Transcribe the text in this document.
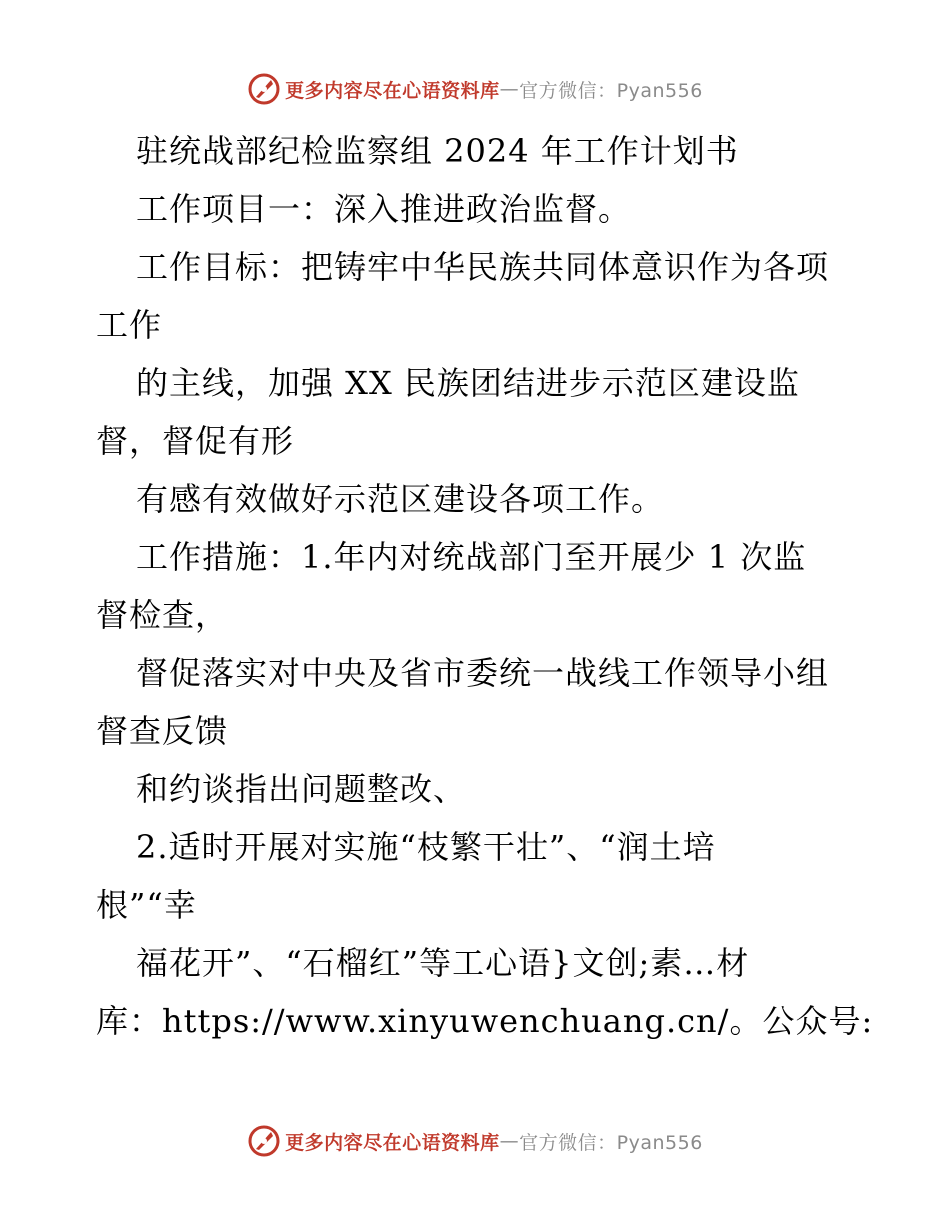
更多内容尽在心语资料库 — 官方微信：Pyan556
驻统战部纪检监察组 2024 年工作计划书
工作项目一：深入推进政治监督。
工作目标：把铸牢中华民族共同体意识作为各项
工作
的主线，加强 XX 民族团结进步示范区建设监
督，督促有形
有感有效做好示范区建设各项工作。
工作措施：1.年内对统战部门至开展少 1 次监
督检查，
督促落实对中央及省市委统一战线工作领导小组
督查反馈
和约谈指出问题整改、
2.适时开展对实施“枝繁干壮”、“润土培
根”“幸
福花开”、“石榴红”等工心语}文创;素…材
库：https://www.xinyuwenchuang.cn/。公众号:
更多内容尽在心语资料库 — 官方微信：Pyan556
